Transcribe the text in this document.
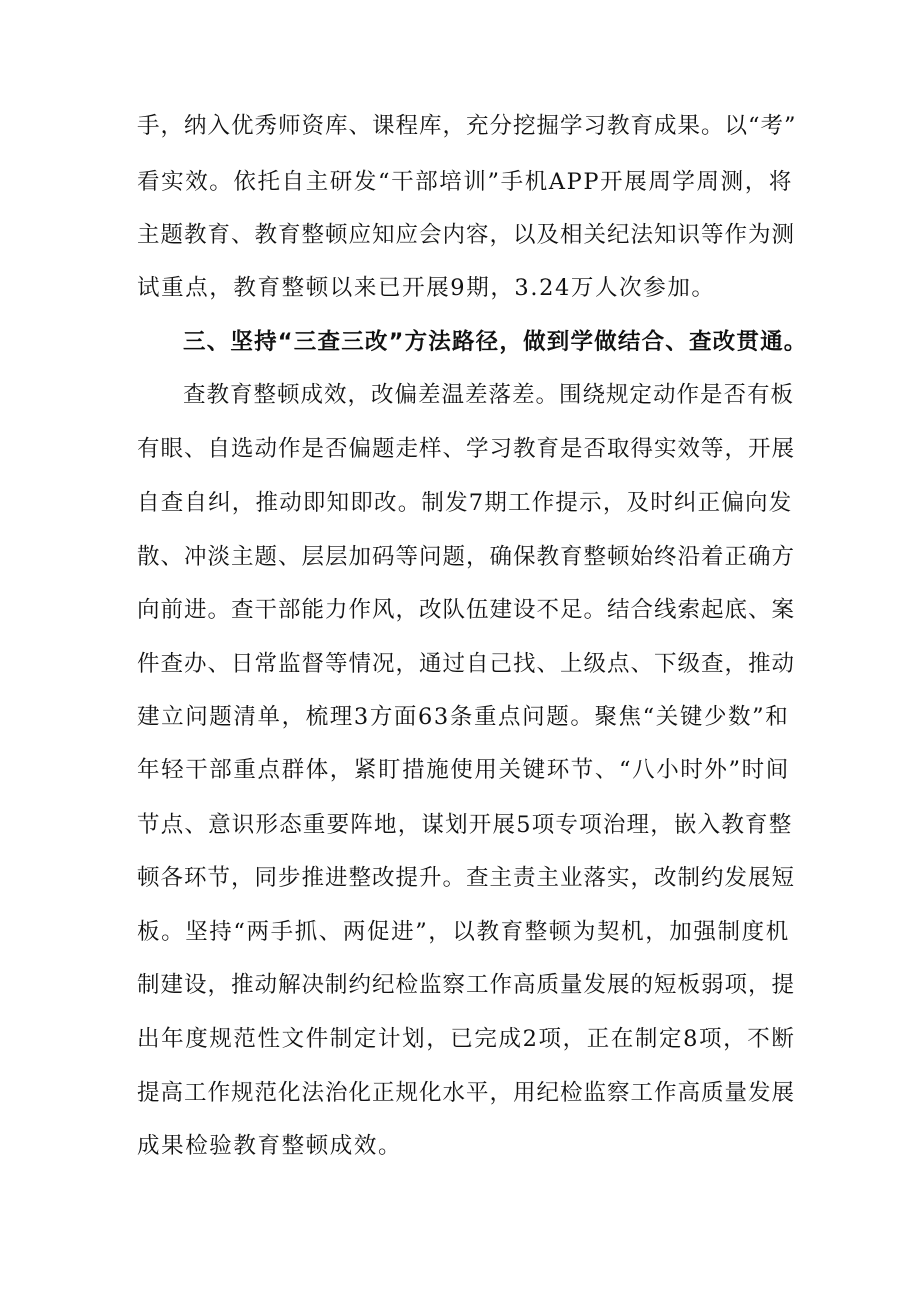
手，纳入优秀师资库、课程库，充分挖掘学习教育成果。以“考”
看实效。依托自主研发“干部培训”手机APP开展周学周测，将
主题教育、教育整顿应知应会内容，以及相关纪法知识等作为测
试重点，教育整顿以来已开展9期，3.24万人次参加。
三、坚持“三查三改”方法路径，做到学做结合、查改贯通。
查教育整顿成效，改偏差温差落差。围绕规定动作是否有板
有眼、自选动作是否偏题走样、学习教育是否取得实效等，开展
自查自纠，推动即知即改。制发7期工作提示，及时纠正偏向发
散、冲淡主题、层层加码等问题，确保教育整顿始终沿着正确方
向前进。查干部能力作风，改队伍建设不足。结合线索起底、案
件查办、日常监督等情况，通过自己找、上级点、下级查，推动
建立问题清单，梳理3方面63条重点问题。聚焦“关键少数”和
年轻干部重点群体，紧盯措施使用关键环节、“八小时外”时间
节点、意识形态重要阵地，谋划开展5项专项治理，嵌入教育整
顿各环节，同步推进整改提升。查主责主业落实，改制约发展短
板。坚持“两手抓、两促进”，以教育整顿为契机，加强制度机
制建设，推动解决制约纪检监察工作高质量发展的短板弱项，提
出年度规范性文件制定计划，已完成2项，正在制定8项，不断
提高工作规范化法治化正规化水平，用纪检监察工作高质量发展
成果检验教育整顿成效。
